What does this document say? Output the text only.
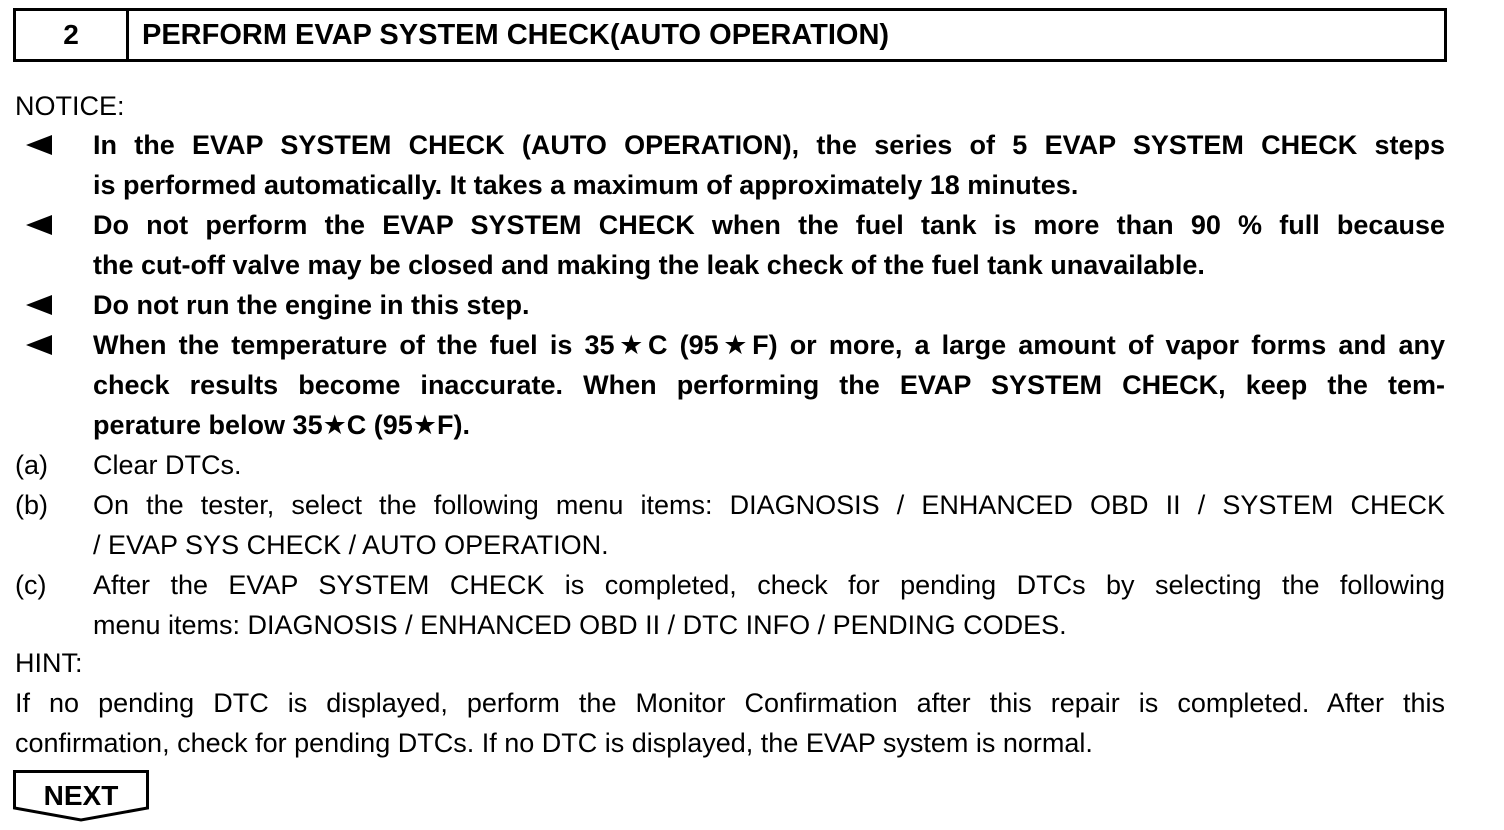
2	PERFORM EVAP SYSTEM CHECK(AUTO OPERATION)
NOTICE:
In the EVAP SYSTEM CHECK (AUTO OPERATION), the series of 5 EVAP SYSTEM CHECK steps
is performed automatically. It takes a maximum of approximately 18 minutes.
Do not perform the EVAP SYSTEM CHECK when the fuel tank is more than 90 % full because
the cut-off valve may be closed and making the leak check of the fuel tank unavailable.
Do not run the engine in this step.
When the temperature of the fuel is 35★C (95★F) or more, a large amount of vapor forms and any
check results become inaccurate. When performing the EVAP SYSTEM CHECK, keep the tem-
perature below 35★C (95★F).
(a) Clear DTCs.
(b) On the tester, select the following menu items: DIAGNOSIS / ENHANCED OBD II / SYSTEM CHECK
/ EVAP SYS CHECK / AUTO OPERATION.
(c) After the EVAP SYSTEM CHECK is completed, check for pending DTCs by selecting the following
menu items: DIAGNOSIS / ENHANCED OBD II / DTC INFO / PENDING CODES.
HINT:
If no pending DTC is displayed, perform the Monitor Confirmation after this repair is completed. After this
confirmation, check for pending DTCs. If no DTC is displayed, the EVAP system is normal.
NEXT
